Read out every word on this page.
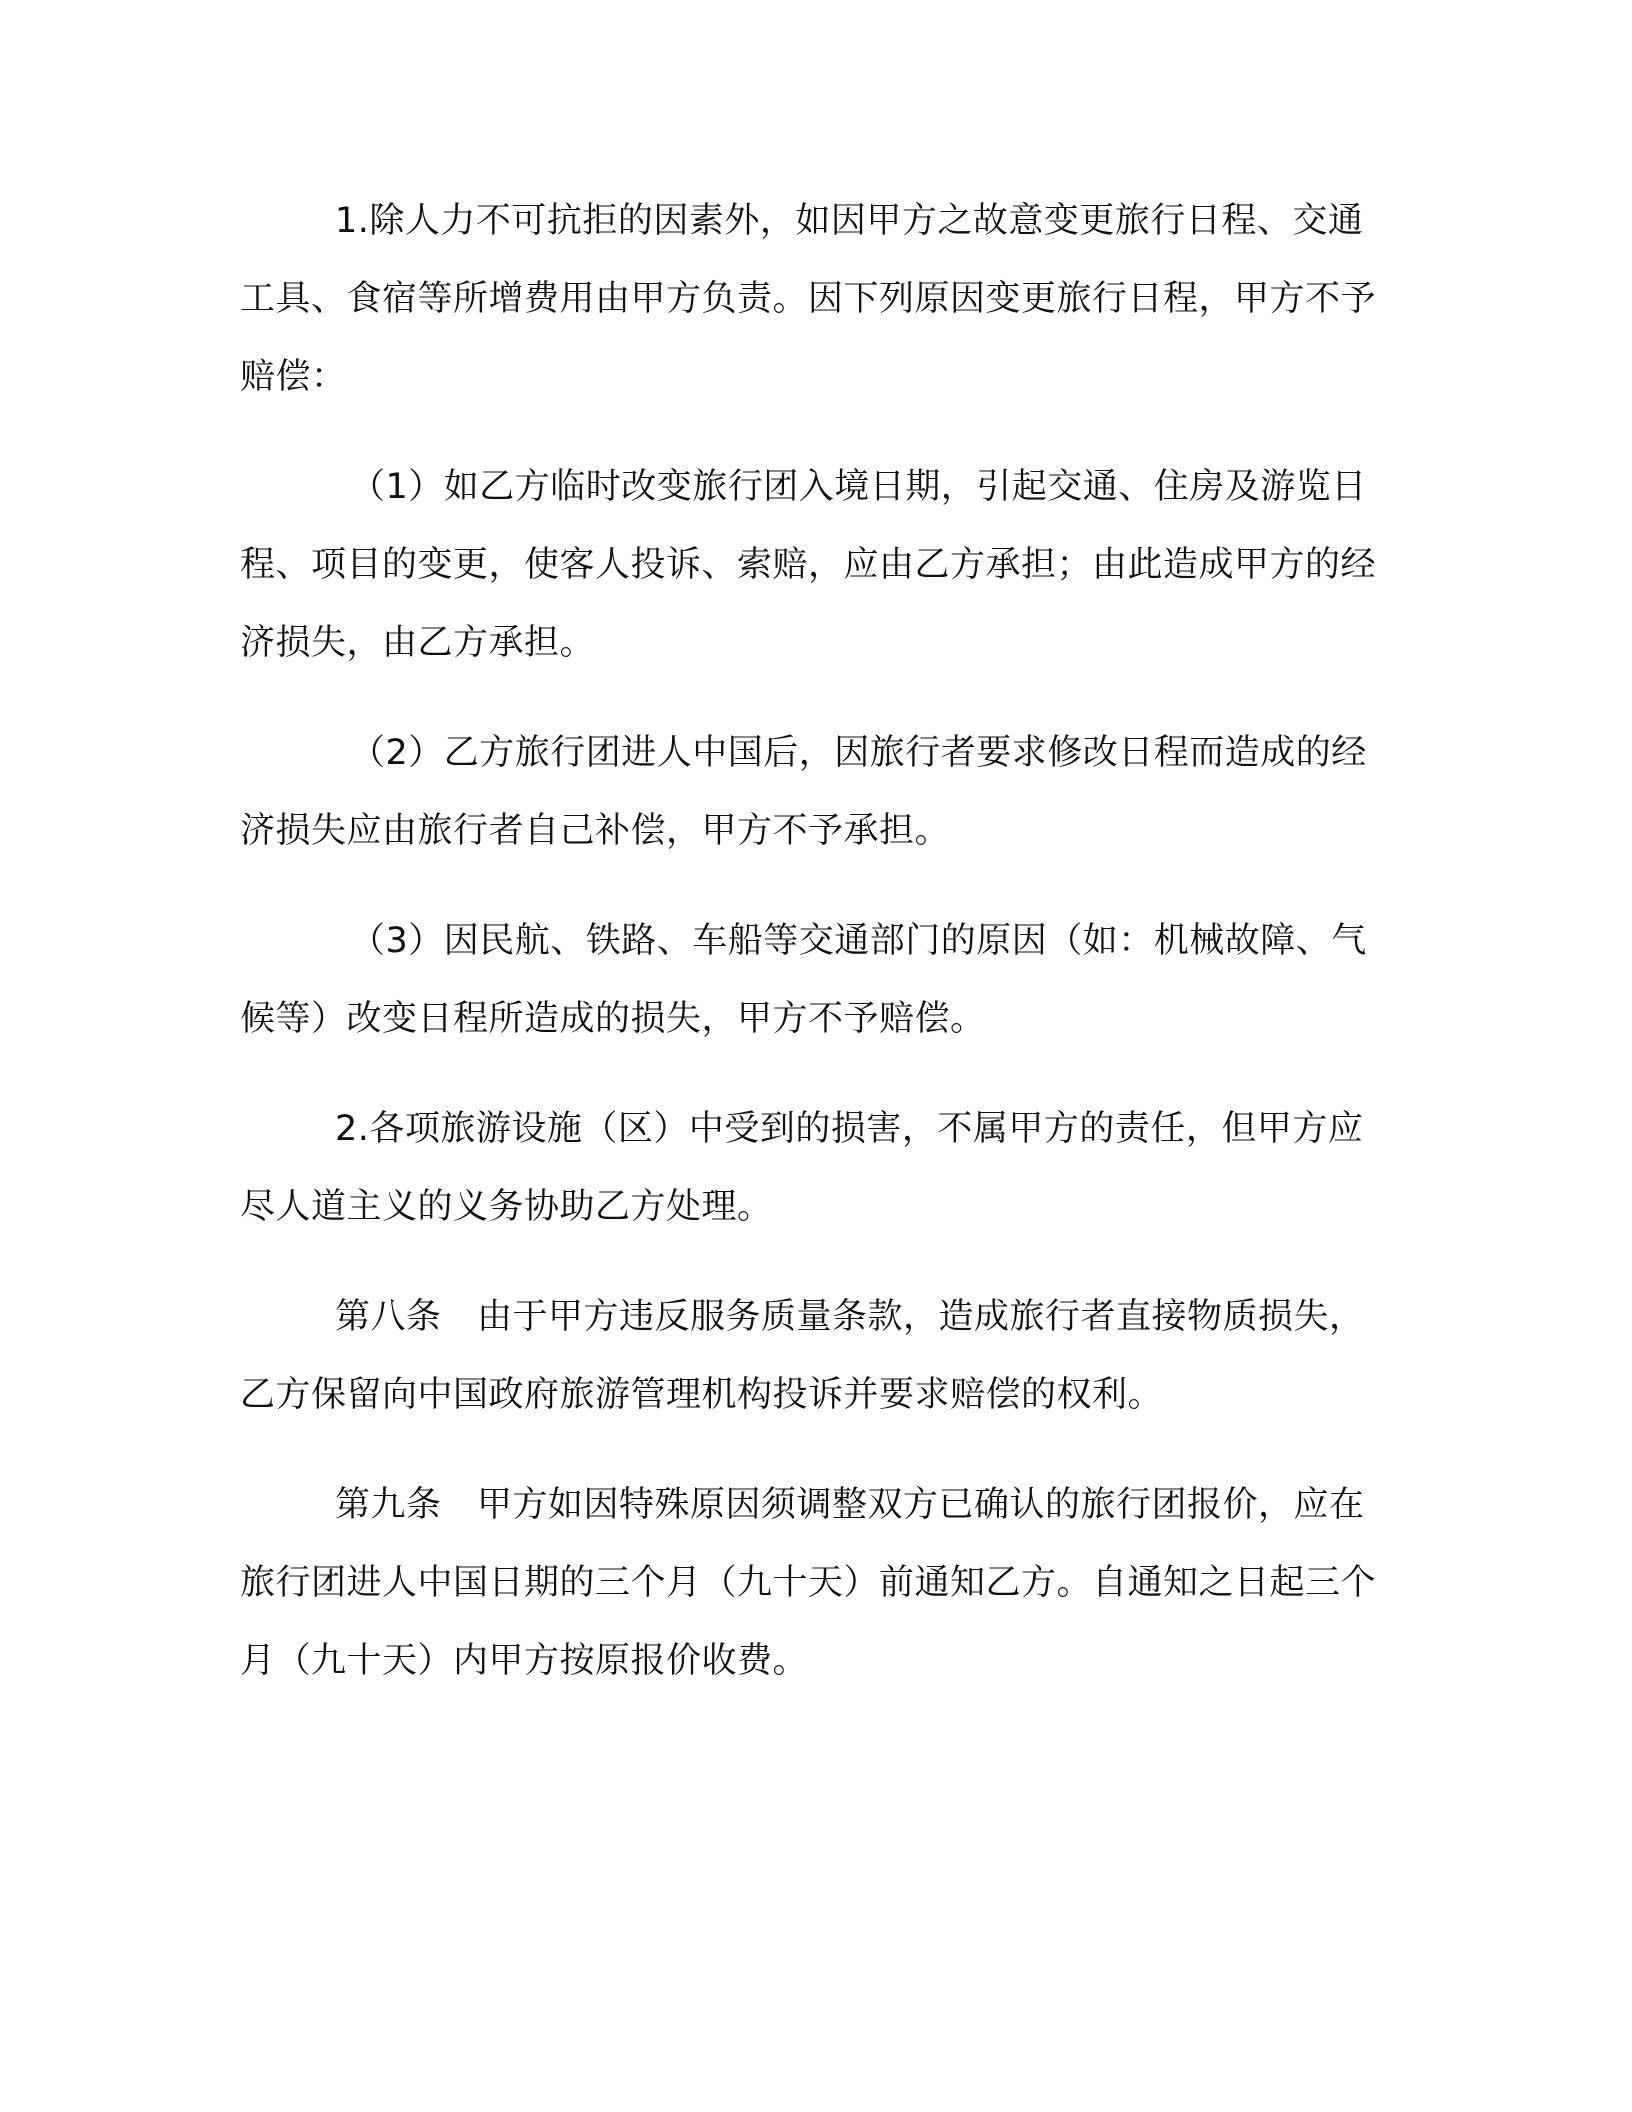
1.除人力不可抗拒的因素外，如因甲方之故意变更旅行日程、交通工具、食宿等所增费用由甲方负责。因下列原因变更旅行日程，甲方不予赔偿：

（1）如乙方临时改变旅行团入境日期，引起交通、住房及游览日程、项目的变更，使客人投诉、索赔，应由乙方承担；由此造成甲方的经济损失，由乙方承担。

（2）乙方旅行团进人中国后，因旅行者要求修改日程而造成的经济损失应由旅行者自己补偿，甲方不予承担。

（3）因民航、铁路、车船等交通部门的原因（如：机械故障、气候等）改变日程所造成的损失，甲方不予赔偿。

2.各项旅游设施（区）中受到的损害，不属甲方的责任，但甲方应尽人道主义的义务协助乙方处理。

第八条　由于甲方违反服务质量条款，造成旅行者直接物质损失，乙方保留向中国政府旅游管理机构投诉并要求赔偿的权利。

第九条　甲方如因特殊原因须调整双方已确认的旅行团报价，应在旅行团进人中国日期的三个月（九十天）前通知乙方。自通知之日起三个月（九十天）内甲方按原报价收费。
